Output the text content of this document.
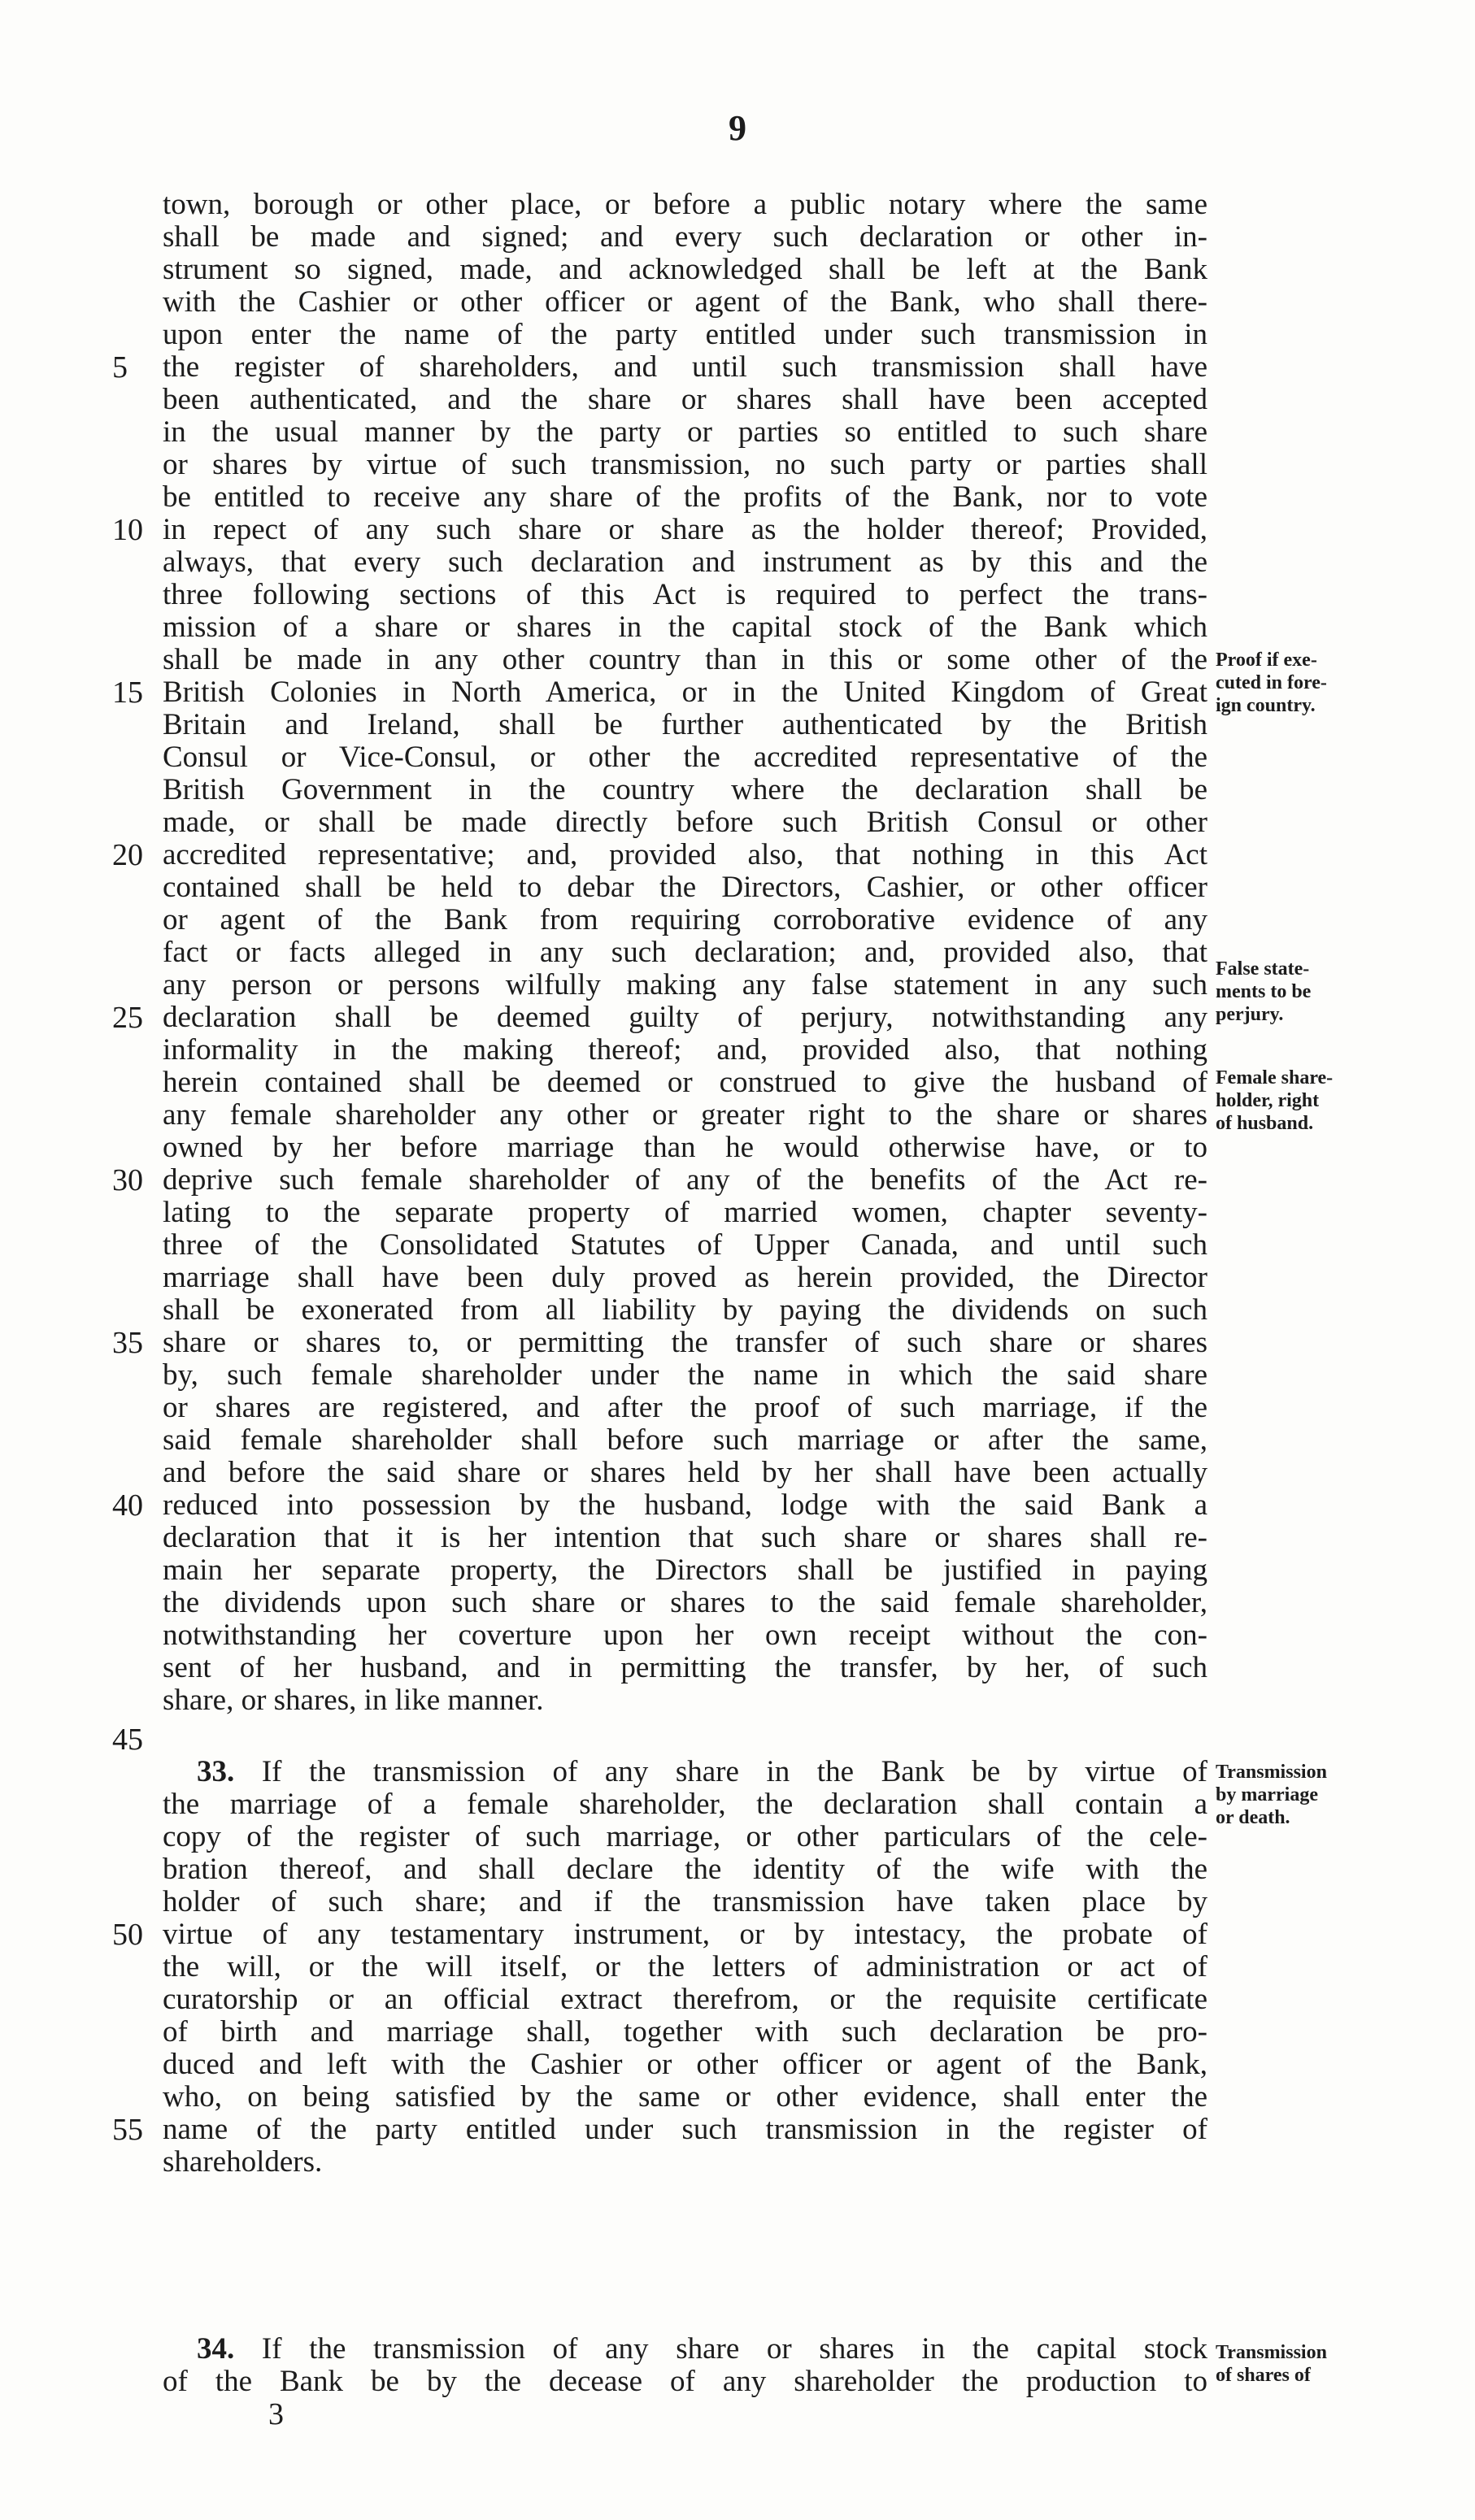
9
town, borough or other place, or before a public notary where the same
shall be made and signed; and every such declaration or other in-
strument so signed, made, and acknowledged shall be left at the Bank
with the Cashier or other officer or agent of the Bank, who shall there-
upon enter the name of the party entitled under such transmission in
the register of shareholders, and until such transmission shall have
been authenticated, and the share or shares shall have been accepted
in the usual manner by the party or parties so entitled to such share
or shares by virtue of such transmission, no such party or parties shall
be entitled to receive any share of the profits of the Bank, nor to vote
in repect of any such share or share as the holder thereof; Provided,
always, that every such declaration and instrument as by this and the
three following sections of this Act is required to perfect the trans-
mission of a share or shares in the capital stock of the Bank which
shall be made in any other country than in this or some other of the
British Colonies in North America, or in the United Kingdom of Great
Britain and Ireland, shall be further authenticated by the British
Consul or Vice-Consul, or other the accredited representative of the
British Government in the country where the declaration shall be
made, or shall be made directly before such British Consul or other
accredited representative; and, provided also, that nothing in this Act
contained shall be held to debar the Directors, Cashier, or other officer
or agent of the Bank from requiring corroborative evidence of any
fact or facts alleged in any such declaration; and, provided also, that
any person or persons wilfully making any false statement in any such
declaration shall be deemed guilty of perjury, notwithstanding any
informality in the making thereof; and, provided also, that nothing
herein contained shall be deemed or construed to give the husband of
any female shareholder any other or greater right to the share or shares
owned by her before marriage than he would otherwise have, or to
deprive such female shareholder of any of the benefits of the Act re-
lating to the separate property of married women, chapter seventy-
three of the Consolidated Statutes of Upper Canada, and until such
marriage shall have been duly proved as herein provided, the Director
shall be exonerated from all liability by paying the dividends on such
share or shares to, or permitting the transfer of such share or shares
by, such female shareholder under the name in which the said share
or shares are registered, and after the proof of such marriage, if the
said female shareholder shall before such marriage or after the same,
and before the said share or shares held by her shall have been actually
reduced into possession by the husband, lodge with the said Bank a
declaration that it is her intention that such share or shares shall re-
main her separate property, the Directors shall be justified in paying
the dividends upon such share or shares to the said female shareholder,
notwithstanding her coverture upon her own receipt without the con-
sent of her husband, and in permitting the transfer, by her, of such
share, or shares, in like manner.
33. If the transmission of any share in the Bank be by virtue of
the marriage of a female shareholder, the declaration shall contain a
copy of the register of such marriage, or other particulars of the cele-
bration thereof, and shall declare the identity of the wife with the
holder of such share; and if the transmission have taken place by
virtue of any testamentary instrument, or by intestacy, the probate of
the will, or the will itself, or the letters of administration or act of
curatorship or an official extract therefrom, or the requisite certificate
of birth and marriage shall, together with such declaration be pro-
duced and left with the Cashier or other officer or agent of the Bank,
who, on being satisfied by the same or other evidence, shall enter the
name of the party entitled under such transmission in the register of
shareholders.
34. If the transmission of any share or shares in the capital stock
of the Bank be by the decease of any shareholder the production to
3
5
10
15
20
25
30
35
40
45
50
55
Proof if exe-
cuted in fore-
ign country.
False state-
ments to be
perjury.
Female share-
holder, right
of husband.
Transmission
by marriage
or death.
Transmission
of shares of
